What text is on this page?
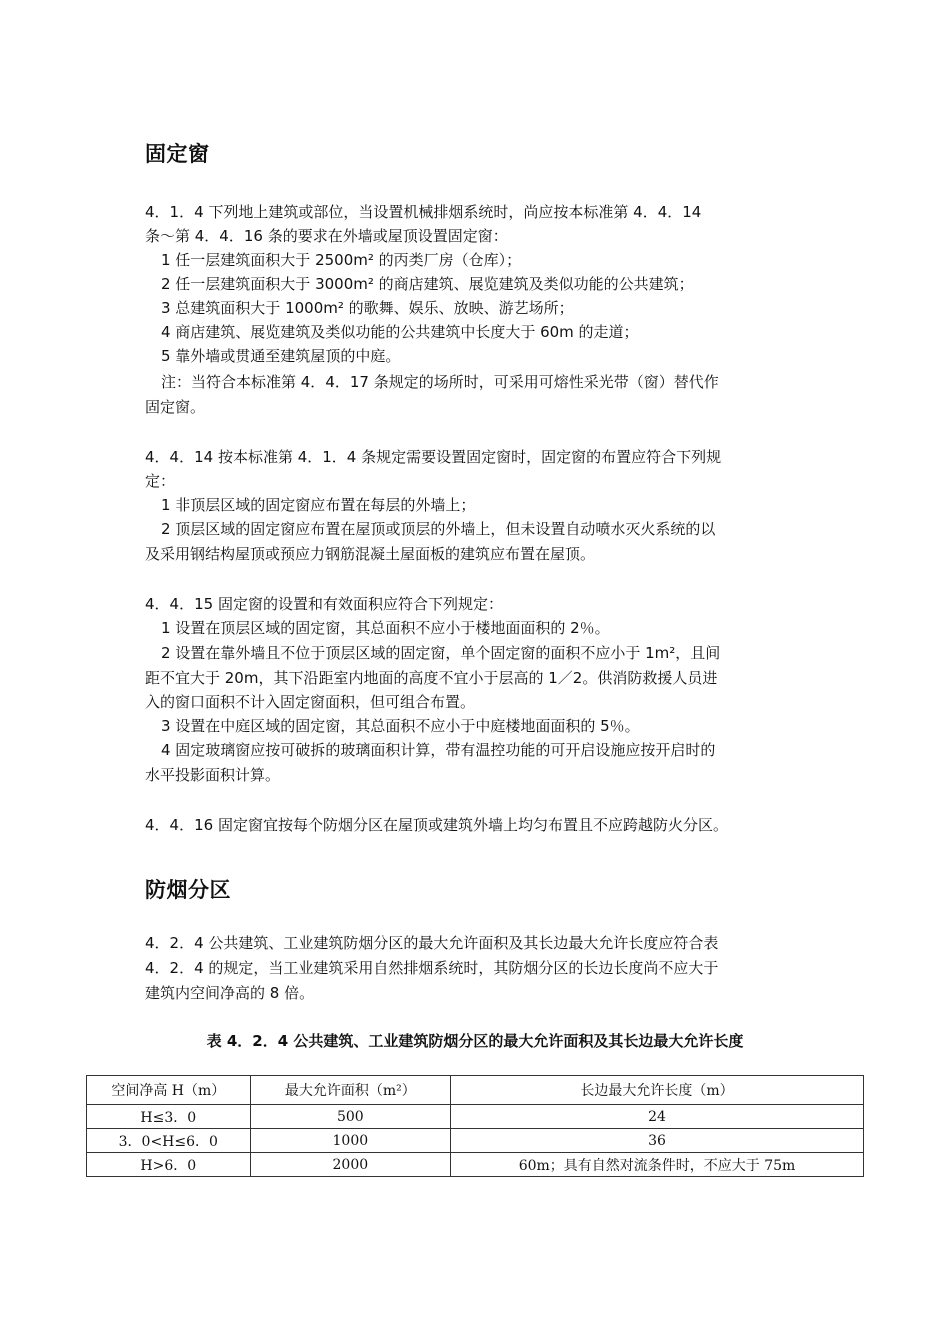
固定窗
4．1．4 下列地上建筑或部位，当设置机械排烟系统时，尚应按本标准第 4．4．14
条～第 4．4．16 条的要求在外墙或屋顶设置固定窗：
1 任一层建筑面积大于 2500m² 的丙类厂房（仓库）；
2 任一层建筑面积大于 3000m² 的商店建筑、展览建筑及类似功能的公共建筑；
3 总建筑面积大于 1000m² 的歌舞、娱乐、放映、游艺场所；
4 商店建筑、展览建筑及类似功能的公共建筑中长度大于 60m 的走道；
5 靠外墙或贯通至建筑屋顶的中庭。
注：当符合本标准第 4．4．17 条规定的场所时，可采用可熔性采光带（窗）替代作
固定窗。
4．4．14 按本标准第 4．1．4 条规定需要设置固定窗时，固定窗的布置应符合下列规
定：
1 非顶层区域的固定窗应布置在每层的外墙上；
2 顶层区域的固定窗应布置在屋顶或顶层的外墙上，但未设置自动喷水灭火系统的以
及采用钢结构屋顶或预应力钢筋混凝土屋面板的建筑应布置在屋顶。
4．4．15 固定窗的设置和有效面积应符合下列规定：
1 设置在顶层区域的固定窗，其总面积不应小于楼地面面积的 2％。
2 设置在靠外墙且不位于顶层区域的固定窗，单个固定窗的面积不应小于 1m²，且间
距不宜大于 20m，其下沿距室内地面的高度不宜小于层高的 1／2。供消防救援人员进
入的窗口面积不计入固定窗面积，但可组合布置。
3 设置在中庭区域的固定窗，其总面积不应小于中庭楼地面面积的 5％。
4 固定玻璃窗应按可破拆的玻璃面积计算，带有温控功能的可开启设施应按开启时的
水平投影面积计算。
4．4．16 固定窗宜按每个防烟分区在屋顶或建筑外墙上均匀布置且不应跨越防火分区。
防烟分区
4．2．4 公共建筑、工业建筑防烟分区的最大允许面积及其长边最大允许长度应符合表
4．2．4 的规定，当工业建筑采用自然排烟系统时，其防烟分区的长边长度尚不应大于
建筑内空间净高的 8 倍。
表 4．2．4 公共建筑、工业建筑防烟分区的最大允许面积及其长边最大允许长度
空间净高 H（m）	最大允许面积（m²）	长边最大允许长度（m）
H≤3．0	500	24
3．0<H≤6．0	1000	36
H>6．0	2000	60m；具有自然对流条件时，不应大于 75m
